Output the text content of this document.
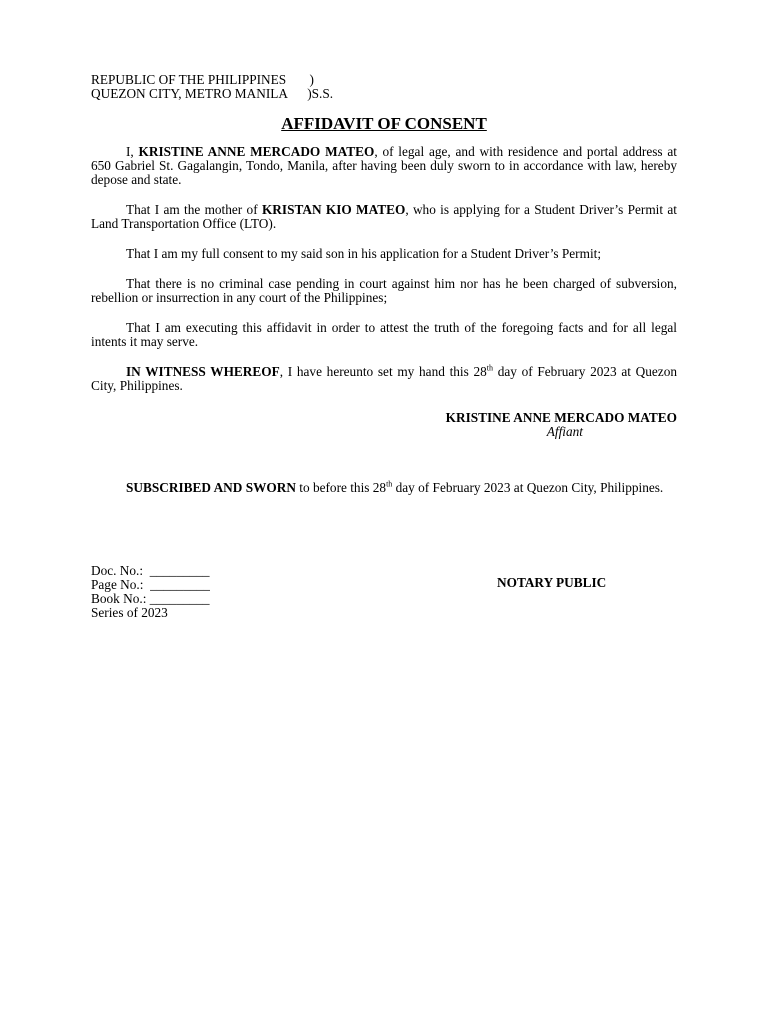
REPUBLIC OF THE PHILIPPINES       )
QUEZON CITY, METRO MANILA      )S.S.
AFFIDAVIT OF CONSENT

I, KRISTINE ANNE MERCADO MATEO, of legal age, and with residence and portal address at 650 Gabriel St. Gagalangin, Tondo, Manila, after having been duly sworn to in accordance with law, hereby depose and state.

That I am the mother of KRISTAN KIO MATEO, who is applying for a Student Driver’s Permit at Land Transportation Office (LTO).

That I am my full consent to my said son in his application for a Student Driver’s Permit;

That there is no criminal case pending in court against him nor has he been charged of subversion, rebellion or insurrection in any court of the Philippines;

That I am executing this affidavit in order to attest the truth of the foregoing facts and for all legal intents it may serve.

IN WITNESS WHEREOF, I have hereunto set my hand this 28th day of February 2023 at Quezon City, Philippines.

KRISTINE ANNE MERCADO MATEO
Affiant

SUBSCRIBED AND SWORN to before this 28th day of February 2023 at Quezon City, Philippines.

Doc. No.:  _________
Page No.:  _________
Book No.: _________
Series of 2023
NOTARY PUBLIC
